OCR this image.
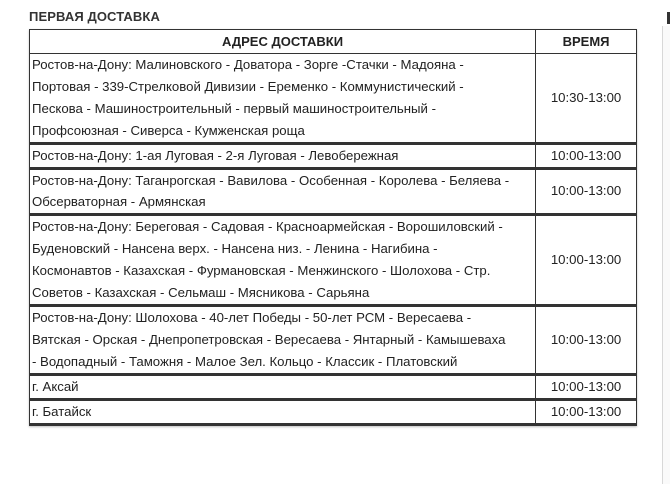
ПЕРВАЯ ДОСТАВКА
АДРЕС ДОСТАВКИ	ВРЕМЯ

Ростов-на-Дону: Малиновского - Доватора - Зорге -Стачки - Мадояна -
Портовая - 339-Стрелковой Дивизии - Еременко - Коммунистический -
Пескова - Машиностроительный - первый машиностроительный -
Профсоюзная - Сиверса - Кумженская роща	10:30-13:00

Ростов-на-Дону: 1-ая Луговая - 2-я Луговая - Левобережная	10:00-13:00

Ростов-на-Дону: Таганрогская - Вавилова - Особенная - Королева - Беляева -
Обсерваторная - Армянская	10:00-13:00

Ростов-на-Дону: Береговая - Садовая - Красноармейская - Ворошиловский -
Буденовский - Нансена верх. - Нансена низ. - Ленина - Нагибина -
Космонавтов - Казахская - Фурмановская - Менжинского - Шолохова - Стр.
Советов - Казахская - Сельмаш - Мясникова - Сарьяна	10:00-13:00

Ростов-на-Дону: Шолохова - 40-лет Победы - 50-лет РСМ - Вересаева -
Вятская - Орская - Днепропетровская - Вересаева - Янтарный - Камышеваха
- Водопадный - Таможня - Малое Зел. Кольцо - Классик - Платовский	10:00-13:00

г. Аксай	10:00-13:00

г. Батайск	10:00-13:00
